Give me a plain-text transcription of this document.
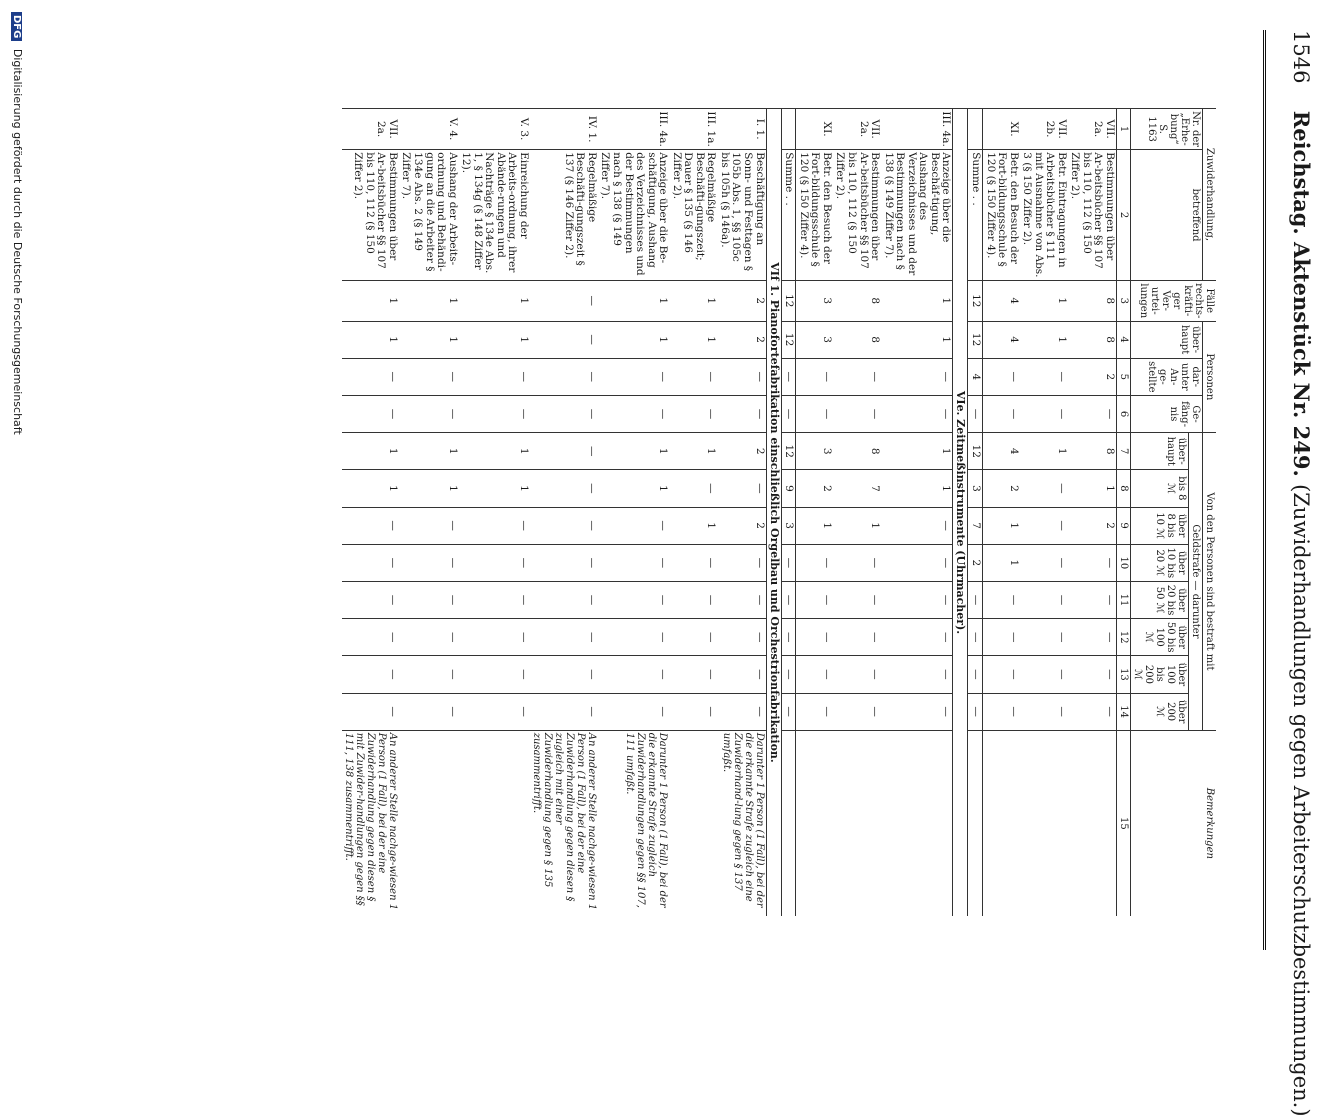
1546 Reichstag. Aktenstück Nr. 249. (Zuwiderhandlungen gegen Arbeiterschutzbestimmungen.)
Zuwiderhandlung,		Fälle rechts-kräfti-ger Ver-urtei-lungen	Personen			Von den Personen sind bestraft mit								Bemerkungen
Nr. der „Erhe-bung“ S. 1163	betreffend		über-haupt	dar-unter An-ge-stellte	Ge-fäng-nis	Geldstrafe — darunter								
						über-haupt	bis 8 ℳ	über 8 bis 10 ℳ	über 10 bis 20 ℳ	über 20 bis 50 ℳ	über 50 bis 100 ℳ	über 100 bis 200 ℳ	über 200 ℳ	
1	2	3	4	5	6	7	8	9	10	11	12	13	14	15
VII. 2a.	Bestimmungen über Ar-beitsbücher §§ 107 bis 110, 112 (§ 150 Ziffer 2).	8	8	2	—	8	1	2	—	—	—	—	—	
VII. 2b.	Betr. Eintragungen in Arbeitsbücher § 111 mit Ausnahme von Abs. 3 (§ 150 Ziffer 2).	1	1	—	—	1	—	—	—	—	—	—	—	
XI.	Betr. den Besuch der Fort-bildungsschule § 120 (§ 150 Ziffer 4).	4	4	—	—	4	2	1	1	—	—	—	—	
	Summe . .	12	12	4	—	12	3	7	2	—	—	—	—	
VIe. Zeitmeßinstrumente (Uhrmacher).														
III. 4a.	Anzeige über die Beschäf-tigung, Aushang des Verzeichnisses und der Bestimmungen nach § 138 (§ 149 Ziffer 7).	1	1	—	—	1	1	—	—	—	—	—	—	
VII. 2a.	Bestimmungen über Ar-beitsbücher §§ 107 bis 110, 112 (§ 150 Ziffer 2).	8	8	—	—	8	7	1	—	—	—	—	—	
XI.	Betr. den Besuch der Fort-bildungsschule § 120 (§ 150 Ziffer 4).	3	3	—	—	3	2	1	—	—	—	—	—	
	Summe . .	12	12	—	—	12	9	3	—	—	—	—	—	
VIf 1. Pianofortefabrikation einschließlich Orgelbau und Orchestrionfabrikation.														
I. 1.	Beschäftigung an Sonn- und Festtagen § 105b Abs. 1, §§ 105c bis 105h (§ 146a).	2	2	—	—	2	—	2	—	—	—	—	—	Darunter 1 Person (1 Fall), bei der die erkannte Strafe zugleich eine Zuwiderhand-lung gegen § 137 umfaßt.
III. 1a.	Regelmäßige Beschäfti-gungszeit; Dauer § 135 (§ 146 Ziffer 2).	1	1	—	—	1	—	1	—	—	—	—	—	
III. 4a.	Anzeige über die Be-schäftigung, Aushang des Verzeichnisses und der Bestimmungen nach § 138 (§ 149 Ziffer 7).	1	1	—	—	1	1	—	—	—	—	—	—	Darunter 1 Person (1 Fall), bei der die erkannte Strafe zugleich Zuwiderhandlungen gegen §§ 107, 111 umfaßt.
IV. 1.	Regelmäßige Beschäfti-gungszeit § 137 (§ 146 Ziffer 2).	—	—	—	—	—	—	—	—	—	—	—	—	An anderer Stelle nachge-wiesen 1 Person (1 Fall), bei der eine Zuwiderhandlung gegen diesen § zugleich mit einer Zuwiderhandlung gegen § 135 zusammentrifft.
V. 3.	Einreichung der Arbeits-ordnung, ihrer Abände-rungen und Nachträge § 134e Abs. 1, § 134g (§ 148 Ziffer 12).	1	1	—	—	1	1	—	—	—	—	—	—	
V. 4.	Aushang der Arbeits-ordnung und Behändi-gung an die Arbeiter § 134e Abs. 2 (§ 149 Ziffer 7).	1	1	—	—	1	1	—	—	—	—	—	—	
VII. 2a.	Bestimmungen über Ar-beitsbücher §§ 107 bis 110, 112 (§ 150 Ziffer 2).	1	1	—	—	1	1	—	—	—	—	—	—	An anderer Stelle nachge-wiesen 1 Person (1 Fall), bei der eine Zuwiderhandlung gegen diesen § mit Zuwider-handlungen gegen §§ 111, 138 zusammentrifft.
DFG Digitalisierung gefördert durch die Deutsche Forschungsgemeinschaft
